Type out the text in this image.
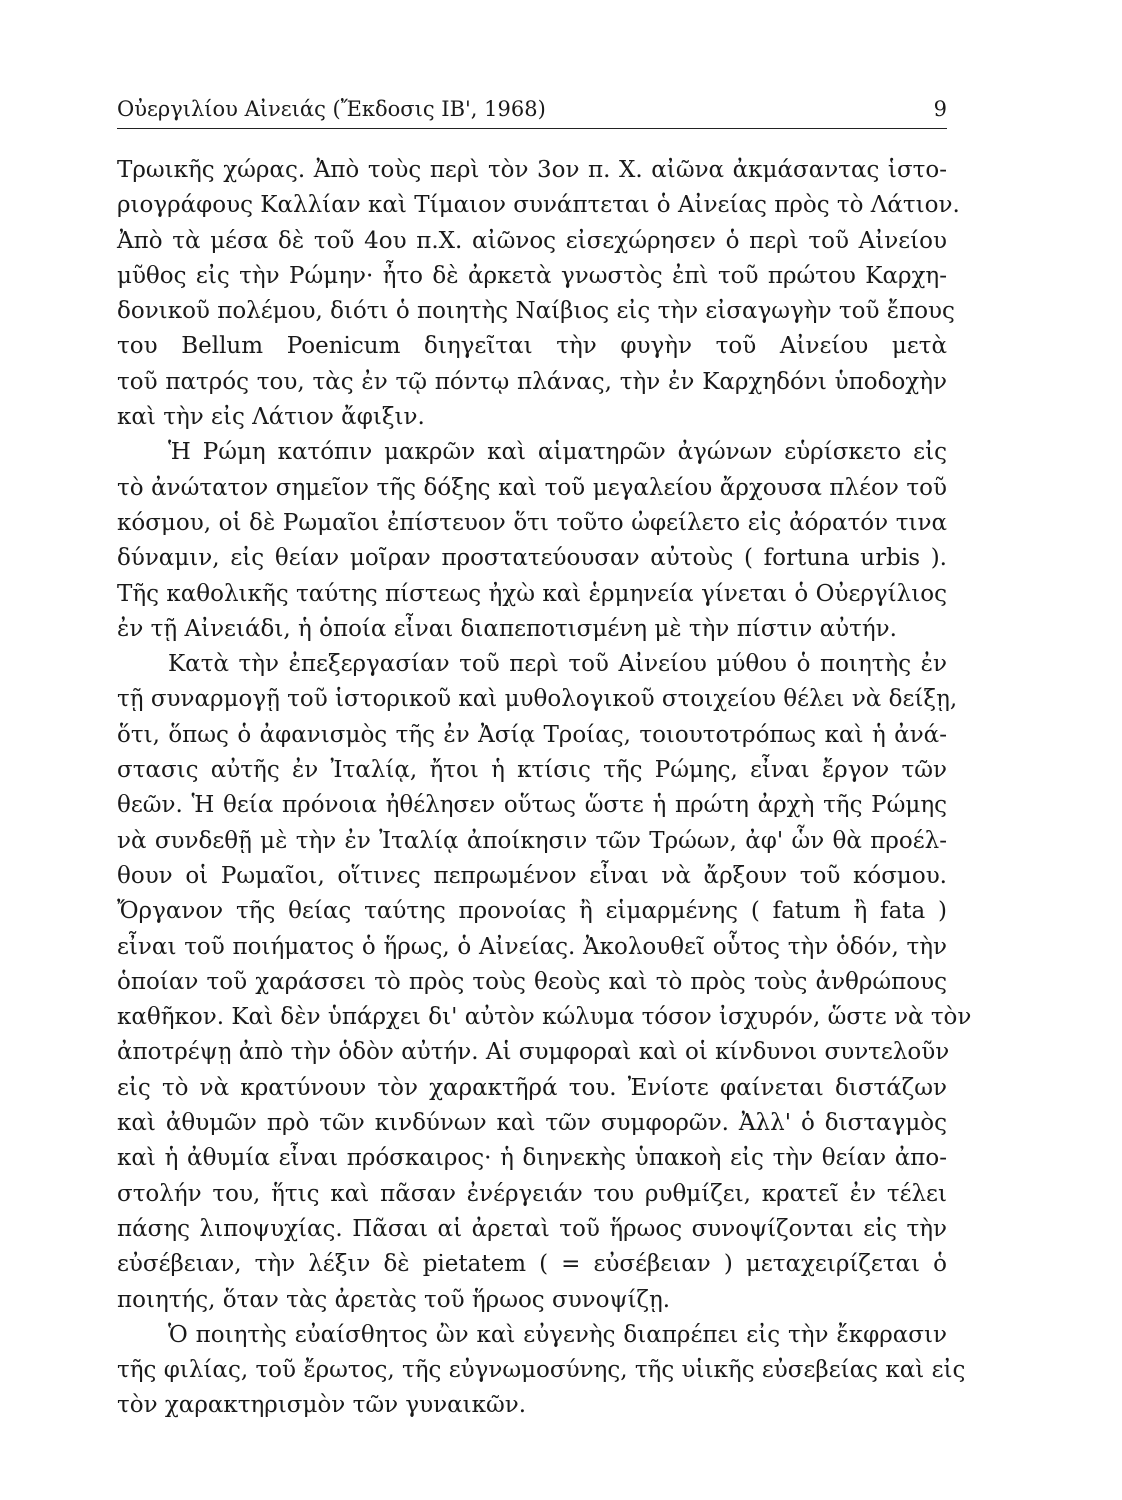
Οὐεργιλίου Αἰνειάς (Ἔκδοσις ΙΒ', 1968)	9
Τρωικῆς χώρας. Ἀπὸ τοὺς περὶ τὸν 3ον π. Χ. αἰῶνα ἀκμάσαντας ἱστο-
ριογράφους Καλλίαν καὶ Τίμαιον συνάπτεται ὁ Αἰνείας πρὸς τὸ Λάτιον.
Ἀπὸ τὰ μέσα δὲ τοῦ 4ου π.Χ. αἰῶνος εἰσεχώρησεν ὁ περὶ τοῦ Αἰνείου
μῦθος εἰς τὴν Ρώμην· ἦτο δὲ ἀρκετὰ γνωστὸς ἐπὶ τοῦ πρώτου Καρχη-
δονικοῦ πολέμου, διότι ὁ ποιητὴς Ναίβιος εἰς τὴν εἰσαγωγὴν τοῦ ἔπους
του Bellum Poenicum διηγεῖται τὴν φυγὴν τοῦ Αἰνείου μετὰ
τοῦ πατρός του, τὰς ἐν τῷ πόντῳ πλάνας, τὴν ἐν Καρχηδόνι ὑποδοχὴν
καὶ τὴν εἰς Λάτιον ἄφιξιν.
Ἡ Ρώμη κατόπιν μακρῶν καὶ αἱματηρῶν ἀγώνων εὑρίσκετο εἰς
τὸ ἀνώτατον σημεῖον τῆς δόξης καὶ τοῦ μεγαλείου ἄρχουσα πλέον τοῦ
κόσμου, οἱ δὲ Ρωμαῖοι ἐπίστευον ὅτι τοῦτο ὠφείλετο εἰς ἀόρατόν τινα
δύναμιν, εἰς θείαν μοῖραν προστατεύουσαν αὐτοὺς ( fortuna urbis ).
Τῆς καθολικῆς ταύτης πίστεως ἠχὼ καὶ ἑρμηνεία γίνεται ὁ Οὐεργίλιος
ἐν τῇ Αἰνειάδι, ἡ ὁποία εἶναι διαπεποτισμένη μὲ τὴν πίστιν αὐτήν.
Κατὰ τὴν ἐπεξεργασίαν τοῦ περὶ τοῦ Αἰνείου μύθου ὁ ποιητὴς ἐν
τῇ συναρμογῇ τοῦ ἱστορικοῦ καὶ μυθολογικοῦ στοιχείου θέλει νὰ δείξῃ,
ὅτι, ὅπως ὁ ἀφανισμὸς τῆς ἐν Ἀσίᾳ Τροίας, τοιουτοτρόπως καὶ ἡ ἀνά-
στασις αὐτῆς ἐν Ἰταλίᾳ, ἤτοι ἡ κτίσις τῆς Ρώμης, εἶναι ἔργον τῶν
θεῶν. Ἡ θεία πρόνοια ἠθέλησεν οὕτως ὥστε ἡ πρώτη ἀρχὴ τῆς Ρώμης
νὰ συνδεθῇ μὲ τὴν ἐν Ἰταλίᾳ ἀποίκησιν τῶν Τρώων, ἀφ' ὧν θὰ προέλ-
θουν οἱ Ρωμαῖοι, οἵτινες πεπρωμένον εἶναι νὰ ἄρξουν τοῦ κόσμου.
Ὄργανον τῆς θείας ταύτης προνοίας ἢ εἱμαρμένης ( fatum ἢ fata )
εἶναι τοῦ ποιήματος ὁ ἥρως, ὁ Αἰνείας. Ἀκολουθεῖ οὗτος τὴν ὁδόν, τὴν
ὁποίαν τοῦ χαράσσει τὸ πρὸς τοὺς θεοὺς καὶ τὸ πρὸς τοὺς ἀνθρώπους
καθῆκον. Καὶ δὲν ὑπάρχει δι' αὐτὸν κώλυμα τόσον ἰσχυρόν, ὥστε νὰ τὸν
ἀποτρέψῃ ἀπὸ τὴν ὁδὸν αὐτήν. Αἱ συμφοραὶ καὶ οἱ κίνδυνοι συντελοῦν
εἰς τὸ νὰ κρατύνουν τὸν χαρακτῆρά του. Ἐνίοτε φαίνεται διστάζων
καὶ ἀθυμῶν πρὸ τῶν κινδύνων καὶ τῶν συμφορῶν. Ἀλλ' ὁ δισταγμὸς
καὶ ἡ ἀθυμία εἶναι πρόσκαιρος· ἡ διηνεκὴς ὑπακοὴ εἰς τὴν θείαν ἀπο-
στολήν του, ἥτις καὶ πᾶσαν ἐνέργειάν του ρυθμίζει, κρατεῖ ἐν τέλει
πάσης λιποψυχίας. Πᾶσαι αἱ ἀρεταὶ τοῦ ἥρωος συνοψίζονται εἰς τὴν
εὐσέβειαν, τὴν λέξιν δὲ pietatem ( = εὐσέβειαν ) μεταχειρίζεται ὁ
ποιητής, ὅταν τὰς ἀρετὰς τοῦ ἥρωος συνοψίζῃ.
Ὁ ποιητὴς εὐαίσθητος ὢν καὶ εὐγενὴς διαπρέπει εἰς τὴν ἔκφρασιν
τῆς φιλίας, τοῦ ἔρωτος, τῆς εὐγνωμοσύνης, τῆς υἱικῆς εὐσεβείας καὶ εἰς
τὸν χαρακτηρισμὸν τῶν γυναικῶν.
